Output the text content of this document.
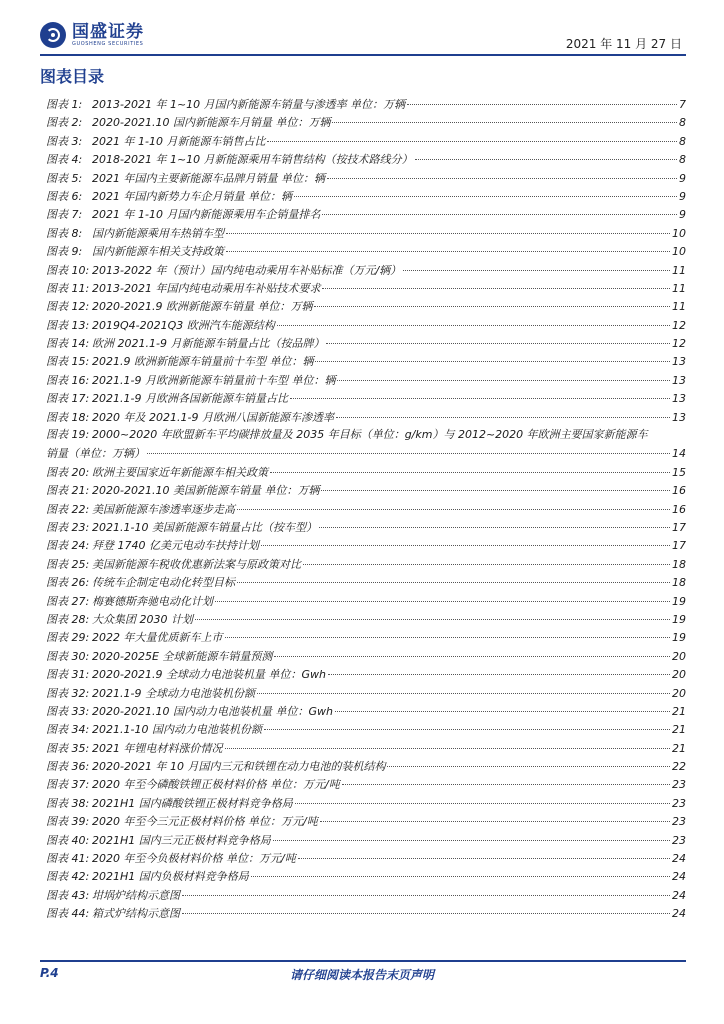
国盛证券
GUOSHENG SECURITIES	2021 年 11 月 27 日
图表目录
图表 1: 2013-2021 年 1~10 月国内新能源车销量与渗透率 单位：万辆	7
图表 2: 2020-2021.10 国内新能源车月销量 单位：万辆	8
图表 3: 2021 年 1-10 月新能源车销售占比	8
图表 4: 2018-2021 年 1~10 月新能源乘用车销售结构（按技术路线分）	8
图表 5: 2021 年国内主要新能源车品牌月销量 单位：辆	9
图表 6: 2021 年国内新势力车企月销量 单位：辆	9
图表 7: 2021 年 1-10 月国内新能源乘用车企销量排名	9
图表 8: 国内新能源乘用车热销车型	10
图表 9: 国内新能源车相关支持政策	10
图表 10: 2013-2022 年（预计）国内纯电动乘用车补贴标准（万元/辆）	11
图表 11: 2013-2021 年国内纯电动乘用车补贴技术要求	11
图表 12: 2020-2021.9 欧洲新能源车销量 单位：万辆	11
图表 13: 2019Q4-2021Q3 欧洲汽车能源结构	12
图表 14: 欧洲 2021.1-9 月新能源车销量占比（按品牌）	12
图表 15: 2021.9 欧洲新能源车销量前十车型 单位：辆	13
图表 16: 2021.1-9 月欧洲新能源车销量前十车型 单位：辆	13
图表 17: 2021.1-9 月欧洲各国新能源车销量占比	13
图表 18: 2020 年及 2021.1-9 月欧洲八国新能源车渗透率	13
图表 19: 2000~2020 年欧盟新车平均碳排放量及 2035 年目标（单位：g/km）与 2012~2020 年欧洲主要国家新能源车
销量（单位：万辆）	14
图表 20: 欧洲主要国家近年新能源车相关政策	15
图表 21: 2020-2021.10 美国新能源车销量 单位：万辆	16
图表 22: 美国新能源车渗透率逐步走高	16
图表 23: 2021.1-10 美国新能源车销量占比（按车型）	17
图表 24: 拜登 1740 亿美元电动车扶持计划	17
图表 25: 美国新能源车税收优惠新法案与原政策对比	18
图表 26: 传统车企制定电动化转型目标	18
图表 27: 梅赛德斯奔驰电动化计划	19
图表 28: 大众集团 2030 计划	19
图表 29: 2022 年大量优质新车上市	19
图表 30: 2020-2025E 全球新能源车销量预测	20
图表 31: 2020-2021.9 全球动力电池装机量 单位：Gwh	20
图表 32: 2021.1-9 全球动力电池装机份额	20
图表 33: 2020-2021.10 国内动力电池装机量 单位：Gwh	21
图表 34: 2021.1-10 国内动力电池装机份额	21
图表 35: 2021 年锂电材料涨价情况	21
图表 36: 2020-2021 年 10 月国内三元和铁锂在动力电池的装机结构	22
图表 37: 2020 年至今磷酸铁锂正极材料价格 单位：万元/吨	23
图表 38: 2021H1 国内磷酸铁锂正极材料竞争格局	23
图表 39: 2020 年至今三元正极材料价格 单位：万元/吨	23
图表 40: 2021H1 国内三元正极材料竞争格局	23
图表 41: 2020 年至今负极材料价格 单位：万元/吨	24
图表 42: 2021H1 国内负极材料竞争格局	24
图表 43: 坩埚炉结构示意图	24
图表 44: 箱式炉结构示意图	24
P.4	请仔细阅读本报告末页声明
